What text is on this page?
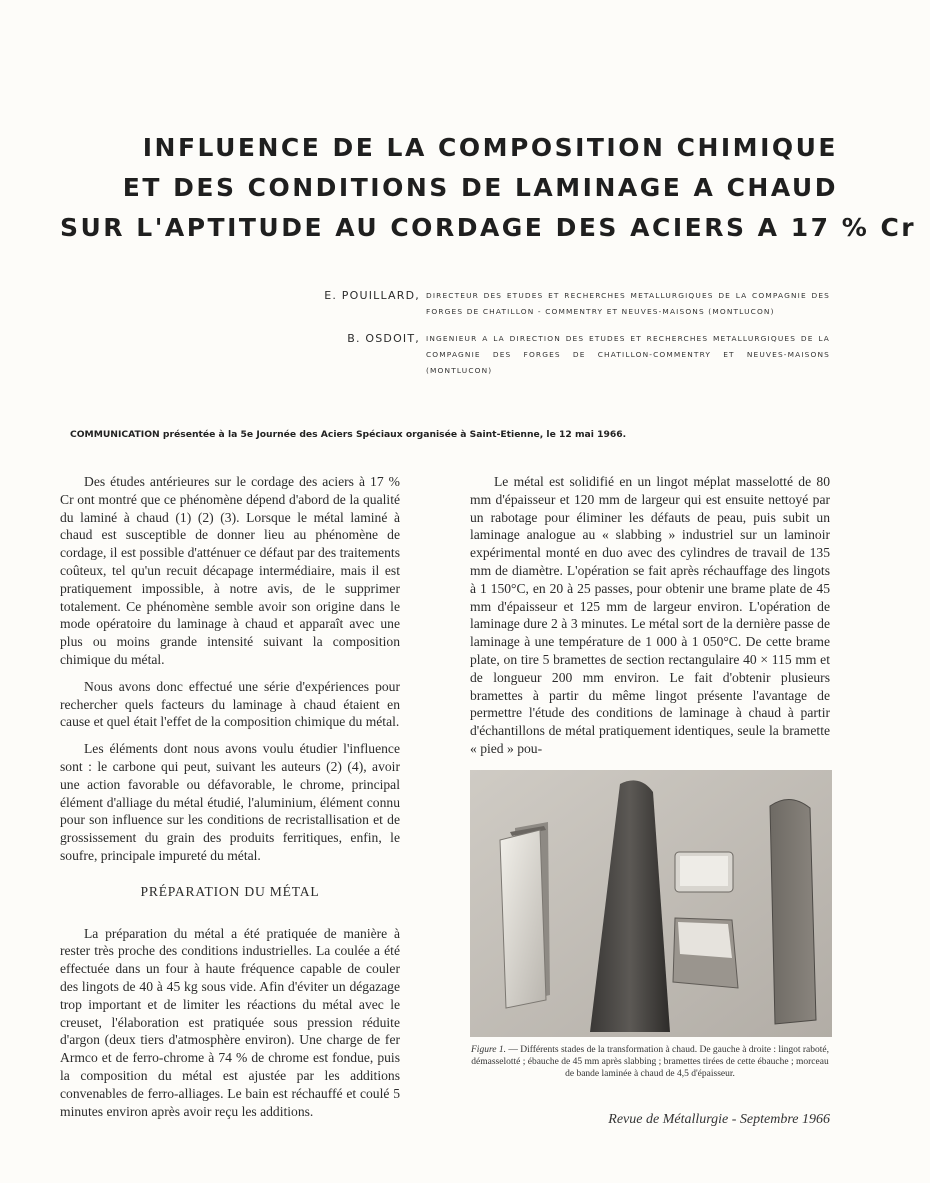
INFLUENCE DE LA COMPOSITION CHIMIQUE
ET DES CONDITIONS DE LAMINAGE A CHAUD
SUR L'APTITUDE AU CORDAGE DES ACIERS A 17 % Cr
E. POUILLARD, DIRECTEUR DES ETUDES ET RECHERCHES METALLURGIQUES DE LA COMPAGNIE DES FORGES DE CHATILLON - COMMENTRY ET NEUVES-MAISONS (MONTLUCON)
B. OSDOIT, INGENIEUR A LA DIRECTION DES ETUDES ET RECHERCHES METALLURGIQUES DE LA COMPAGNIE DES FORGES DE CHATILLON-COMMENTRY ET NEUVES-MAISONS (MONTLUCON)
COMMUNICATION présentée à la 5e Journée des Aciers Spéciaux organisée à Saint-Etienne, le 12 mai 1966.

Des études antérieures sur le cordage des aciers à 17 % Cr ont montré que ce phénomène dépend d'abord de la qualité du laminé à chaud (1) (2) (3). Lorsque le métal laminé à chaud est susceptible de donner lieu au phénomène de cordage, il est possible d'atténuer ce défaut par des traitements coûteux, tel qu'un recuit décapage intermédiaire, mais il est pratiquement impossible, à notre avis, de le supprimer totalement. Ce phénomène semble avoir son origine dans le mode opératoire du laminage à chaud et apparaît avec une plus ou moins grande intensité suivant la composition chimique du métal.

Nous avons donc effectué une série d'expériences pour rechercher quels facteurs du laminage à chaud étaient en cause et quel était l'effet de la composition chimique du métal.

Les éléments dont nous avons voulu étudier l'influence sont : le carbone qui peut, suivant les auteurs (2) (4), avoir une action favorable ou défavorable, le chrome, principal élément d'alliage du métal étudié, l'aluminium, élément connu pour son influence sur les conditions de recristallisation et de grossissement du grain des produits ferritiques, enfin, le soufre, principale impureté du métal.

PRÉPARATION DU MÉTAL

La préparation du métal a été pratiquée de manière à rester très proche des conditions industrielles. La coulée a été effectuée dans un four à haute fréquence capable de couler des lingots de 40 à 45 kg sous vide. Afin d'éviter un dégazage trop important et de limiter les réactions du métal avec le creuset, l'élaboration est pratiquée sous pression réduite d'argon (deux tiers d'atmosphère environ). Une charge de fer Armco et de ferro-chrome à 74 % de chrome est fondue, puis la composition du métal est ajustée par les additions convenables de ferro-alliages. Le bain est réchauffé et coulé 5 minutes environ après avoir reçu les additions.

Le métal est solidifié en un lingot méplat masselotté de 80 mm d'épaisseur et 120 mm de largeur qui est ensuite nettoyé par un rabotage pour éliminer les défauts de peau, puis subit un laminage analogue au « slabbing » industriel sur un laminoir expérimental monté en duo avec des cylindres de travail de 135 mm de diamètre. L'opération se fait après réchauffage des lingots à 1 150°C, en 20 à 25 passes, pour obtenir une brame plate de 45 mm d'épaisseur et 125 mm de largeur environ. L'opération de laminage dure 2 à 3 minutes. Le métal sort de la dernière passe de laminage à une température de 1 000 à 1 050°C. De cette brame plate, on tire 5 bramettes de section rectangulaire 40 × 115 mm et de longueur 200 mm environ. Le fait d'obtenir plusieurs bramettes à partir du même lingot présente l'avantage de permettre l'étude des conditions de laminage à chaud à partir d'échantillons de métal pratiquement identiques, seule la bramette « pied » pou-

Figure 1. — Différents stades de la transformation à chaud. De gauche à droite : lingot raboté, démasselotté ; ébauche de 45 mm après slabbing ; bramettes tirées de cette ébauche ; morceau de bande laminée à chaud de 4,5 d'épaisseur.
Revue de Métallurgie - Septembre 1966
